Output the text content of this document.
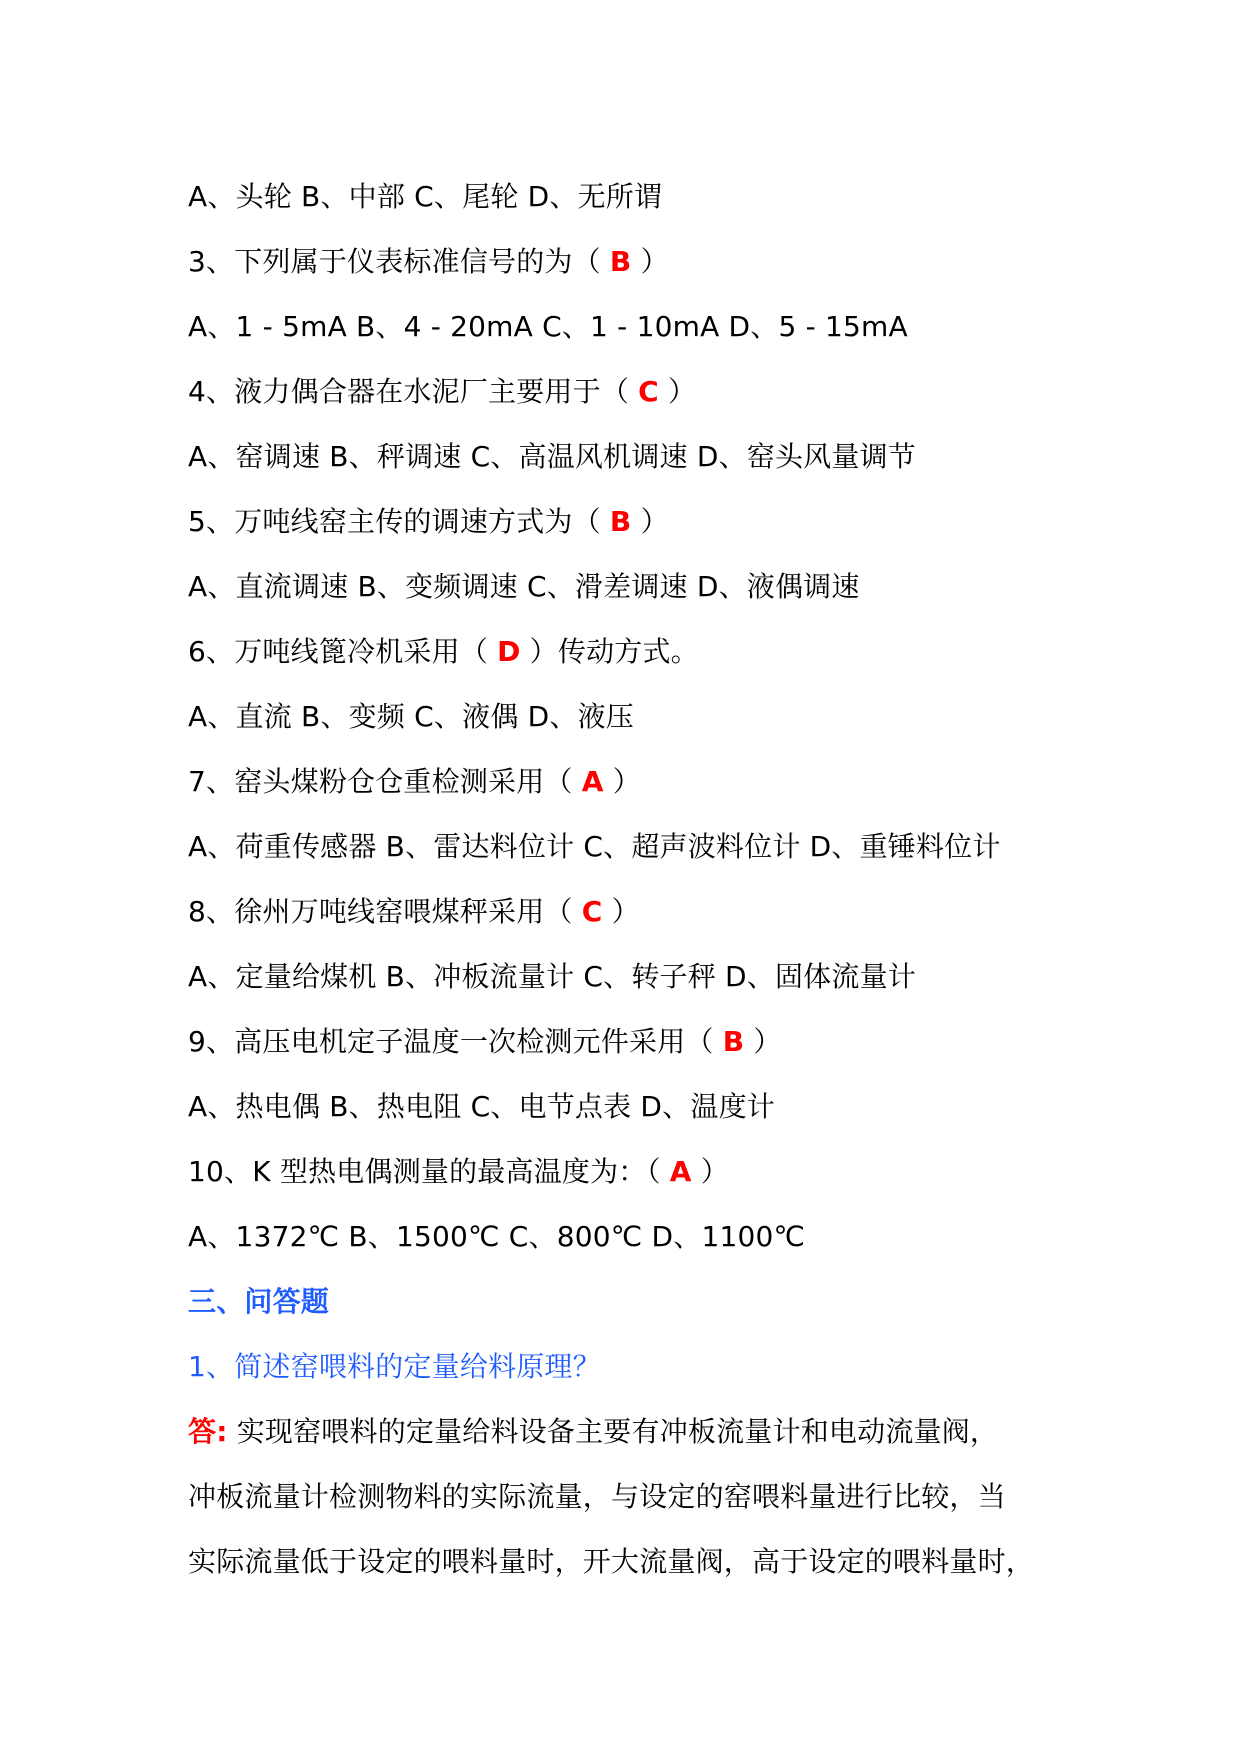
A、头轮 B、中部 C、尾轮 D、无所谓
3、下列属于仪表标准信号的为（ B ）
A、1 - 5mA B、4 - 20mA C、1 - 10mA D、5 - 15mA
4、液力偶合器在水泥厂主要用于（ C ）
A、窑调速 B、秤调速 C、高温风机调速 D、窑头风量调节
5、万吨线窑主传的调速方式为（ B ）
A、直流调速 B、变频调速 C、滑差调速 D、液偶调速
6、万吨线篦冷机采用（ D ）传动方式。
A、直流 B、变频 C、液偶 D、液压
7、窑头煤粉仓仓重检测采用（ A ）
A、荷重传感器 B、雷达料位计 C、超声波料位计 D、重锤料位计
8、徐州万吨线窑喂煤秤采用（ C ）
A、定量给煤机 B、冲板流量计 C、转子秤 D、固体流量计
9、高压电机定子温度一次检测元件采用（ B ）
A、热电偶 B、热电阻 C、电节点表 D、温度计
10、K 型热电偶测量的最高温度为：（ A ）
A、1372℃ B、1500℃ C、800℃ D、1100℃
三、问答题
1、简述窑喂料的定量给料原理？
答: 实现窑喂料的定量给料设备主要有冲板流量计和电动流量阀，
冲板流量计检测物料的实际流量，与设定的窑喂料量进行比较，当
实际流量低于设定的喂料量时，开大流量阀，高于设定的喂料量时，
